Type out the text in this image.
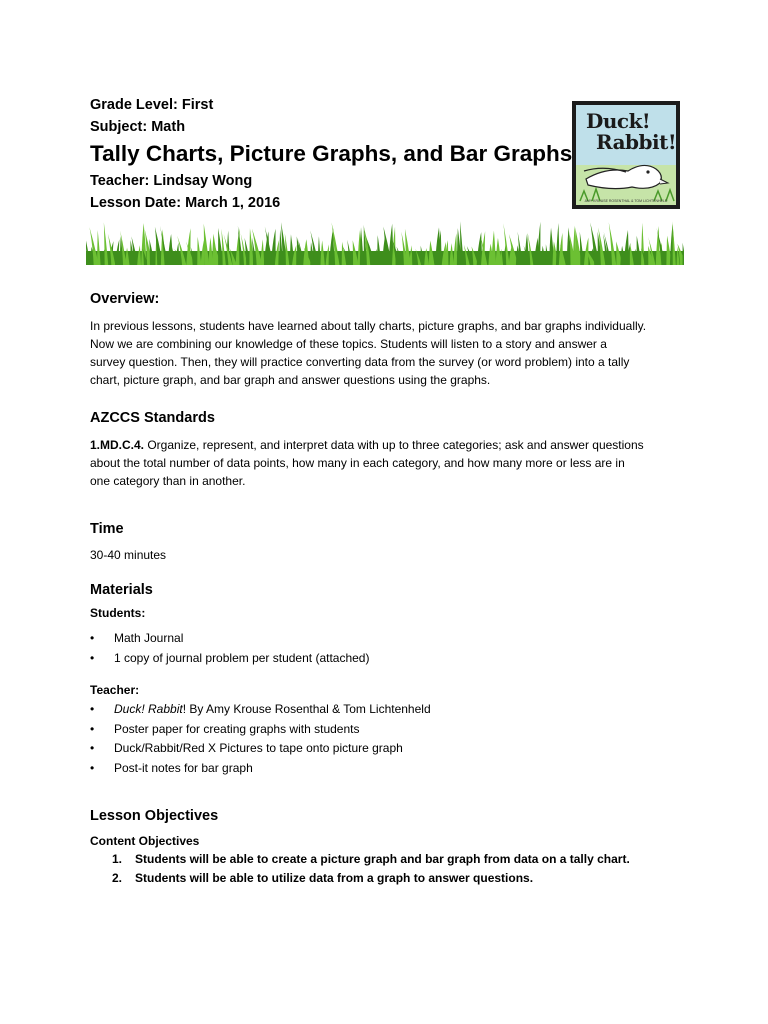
Grade Level: First
Subject: Math
Tally Charts, Picture Graphs, and Bar Graphs
Teacher: Lindsay Wong
Lesson Date: March 1, 2016
Duck!
Rabbit!
AMY KROUSE ROSENTHAL & TOM LICHTENHELD
Overview:
In previous lessons, students have learned about tally charts, picture graphs, and bar graphs individually.
Now we are combining our knowledge of these topics. Students will listen to a story and answer a
survey question. Then, they will practice converting data from the survey (or word problem) into a tally
chart, picture graph, and bar graph and answer questions using the graphs.
AZCCS Standards
1.MD.C.4. Organize, represent, and interpret data with up to three categories; ask and answer questions
about the total number of data points, how many in each category, and how many more or less are in
one category than in another.
Time
30-40 minutes
Materials
Students:
• Math Journal
• 1 copy of journal problem per student (attached)
Teacher:
• Duck! Rabbit! By Amy Krouse Rosenthal & Tom Lichtenheld
• Poster paper for creating graphs with students
• Duck/Rabbit/Red X Pictures to tape onto picture graph
• Post-it notes for bar graph
Lesson Objectives
Content Objectives
1. Students will be able to create a picture graph and bar graph from data on a tally chart.
2. Students will be able to utilize data from a graph to answer questions.
